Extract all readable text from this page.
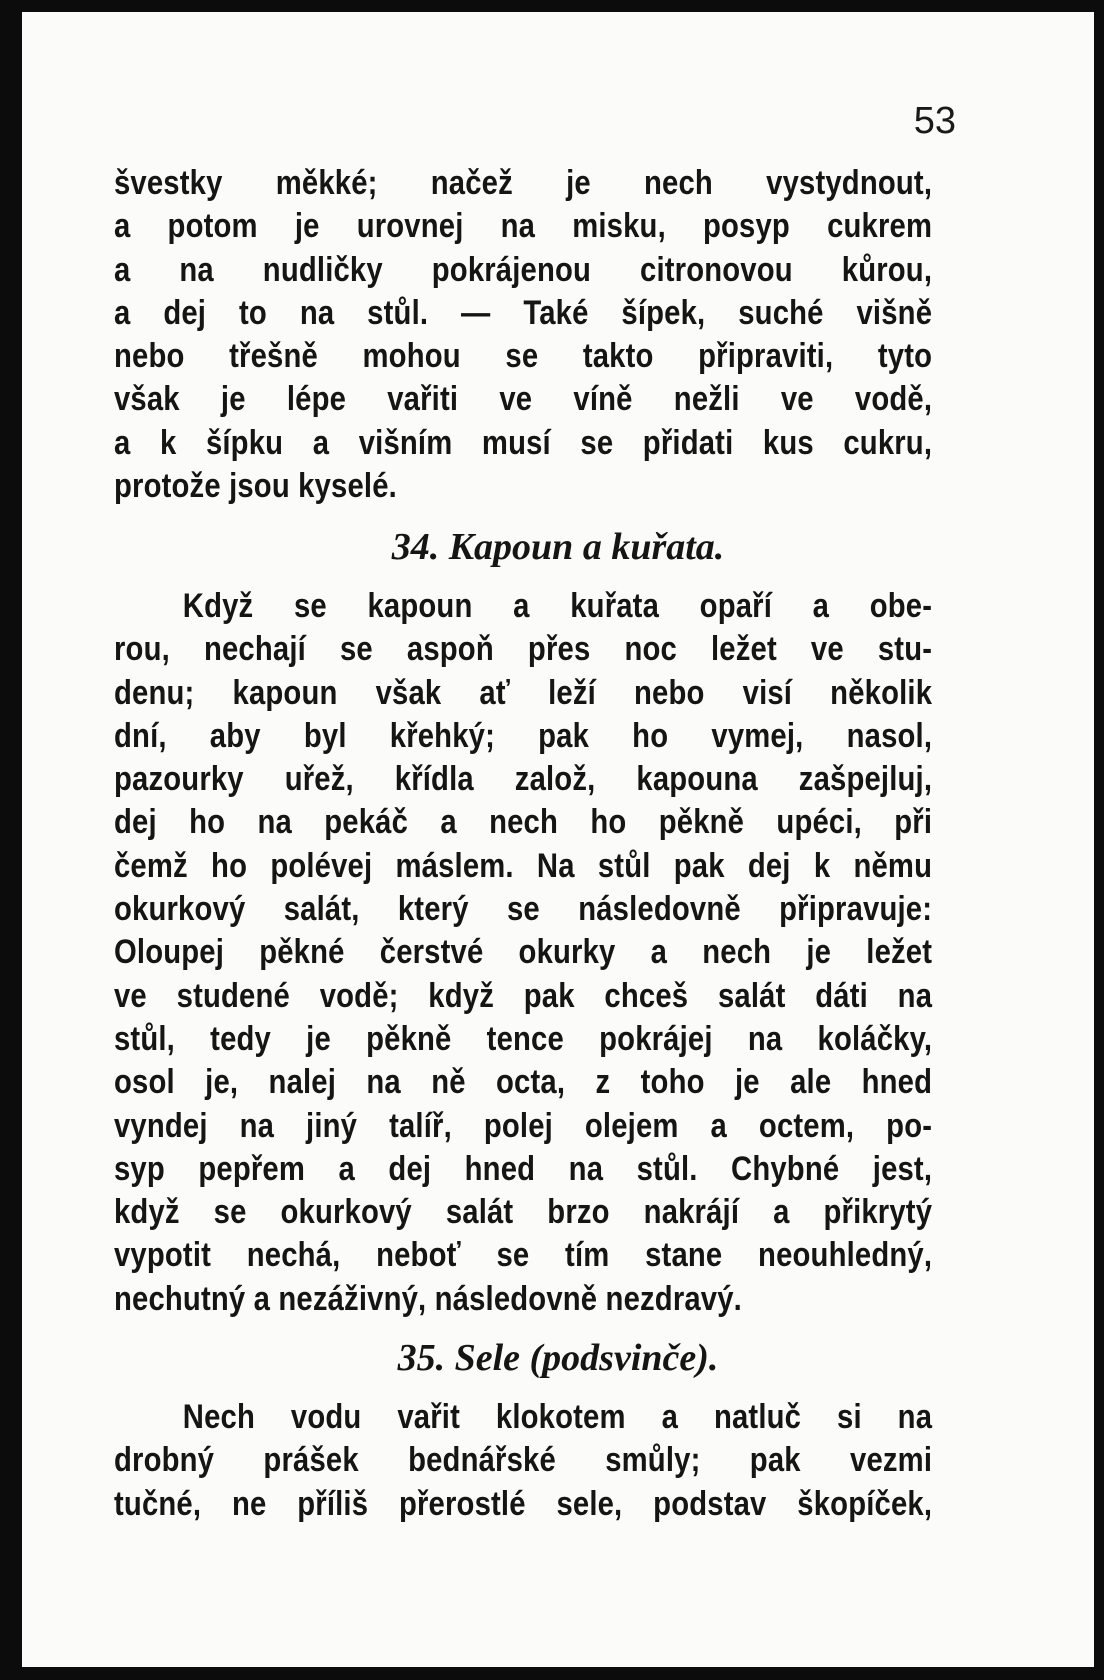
53

švestky měkké; načež je nech vystydnout,

a potom je urovnej na misku, posyp cukrem

a na nudličky pokrájenou citronovou kůrou,

a dej to na stůl. — Také šípek, suché višně

nebo třešně mohou se takto připraviti, tyto

však je lépe vařiti ve víně nežli ve vodě,

a k šípku a višním musí se přidati kus cukru,

protože jsou kyselé.

34. Kapoun a kuřata.

Když se kapoun a kuřata opaří a obe-

rou, nechají se aspoň přes noc ležet ve stu-

denu; kapoun však ať leží nebo visí několik

dní, aby byl křehký; pak ho vymej, nasol,

pazourky uřež, křídla založ, kapouna zašpejluj,

dej ho na pekáč a nech ho pěkně upéci, při

čemž ho polévej máslem. Na stůl pak dej k němu

okurkový salát, který se následovně připravuje:

Oloupej pěkné čerstvé okurky a nech je ležet

ve studené vodě; když pak chceš salát dáti na

stůl, tedy je pěkně tence pokrájej na koláčky,

osol je, nalej na ně octa, z toho je ale hned

vyndej na jiný talíř, polej olejem a octem, po-

syp pepřem a dej hned na stůl. Chybné jest,

když se okurkový salát brzo nakrájí a přikrytý

vypotit nechá, neboť se tím stane neouhledný,

nechutný a nezáživný, následovně nezdravý.

35. Sele (podsvinče).

Nech vodu vařit klokotem a natluč si na

drobný prášek bednářské smůly; pak vezmi

tučné, ne příliš přerostlé sele, podstav škopíček,
